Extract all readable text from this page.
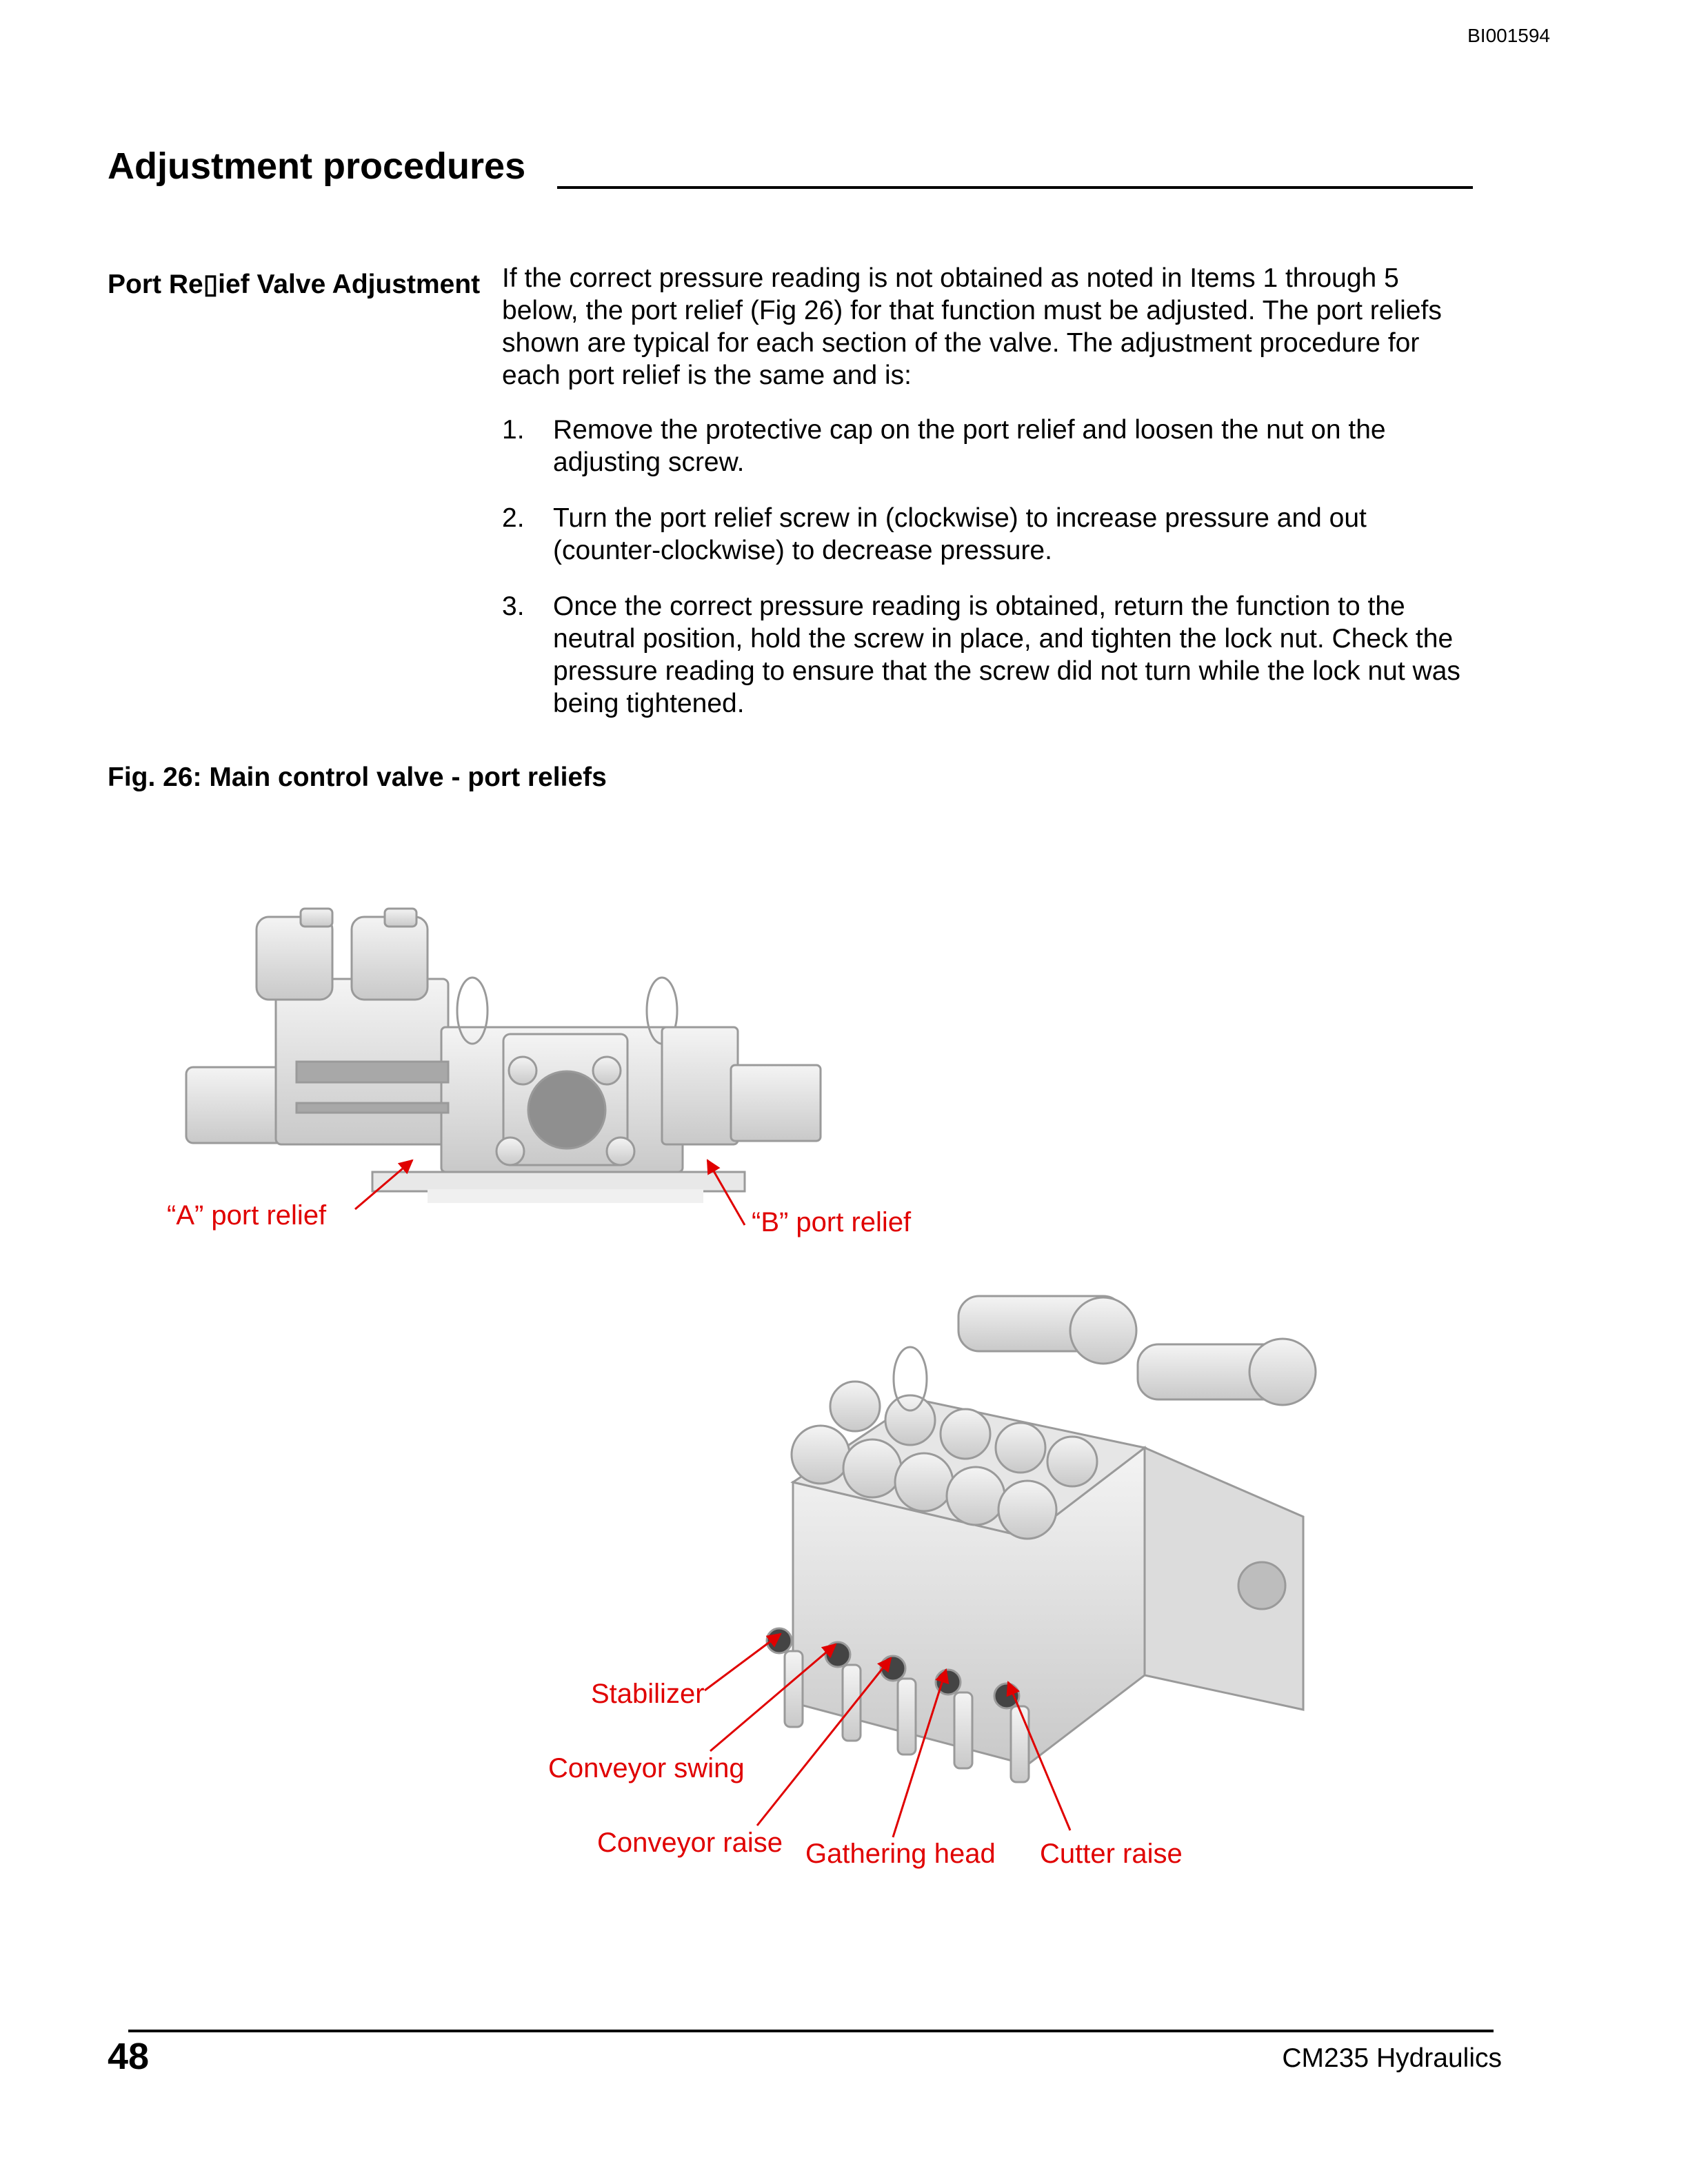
BI001594
Adjustment procedures
Port Re▯ief Valve Adjustment If the correct pressure reading is not obtained as noted in Items 1 through 5 below, the port relief (Fig 26) for that function must be adjusted. The port reliefs shown are typical for each section of the valve. The adjustment procedure for each port relief is the same and is:

1. Remove the protective cap on the port relief and loosen the nut on the adjusting screw.
2. Turn the port relief screw in (clockwise) to increase pressure and out (counter-clockwise) to decrease pressure.
3. Once the correct pressure reading is obtained, return the function to the neutral position, hold the screw in place, and tighten the lock nut. Check the pressure reading to ensure that the screw did not turn while the lock nut was being tightened.
Fig. 26: Main control valve - port reliefs
“A” port relief	“B” port relief
Stabilizer
Conveyor swing
Conveyor raise Gathering head Cutter raise
48	CM235 Hydraulics
